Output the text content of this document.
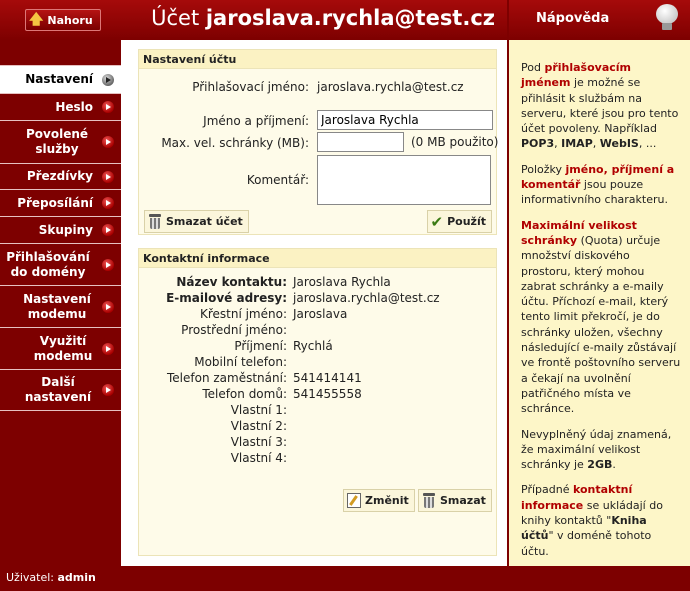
🡅 Nahoru	Účet jaroslava.rychla@test.cz
Nastavení
Heslo
Povolené služby
Přezdívky
Přeposílání
Skupiny
Přihlašování do domény
Nastavení modemu
Využití modemu
Další nastavení
Nastavení účtu
Přihlašovací jméno: jaroslava.rychla@test.cz
Jméno a příjmení:
Jaroslava Rychla
Max. vel. schránky (MB):	(0 MB použito)
Komentář:
Smazat účet	✔ Použít
Kontaktní informace
Název kontaktu: Jaroslava Rychla
E-mailové adresy: jaroslava.rychla@test.cz
Křestní jméno: Jaroslava
Prostřední jméno:
Příjmení: Rychlá
Mobilní telefon:
Telefon zaměstnání: 541414141
Telefon domů: 541455558
Vlastní 1:
Vlastní 2:
Vlastní 3:
Vlastní 4:
Změnit	Smazat
Uživatel: admin
Nápověda

Pod přihlašovacím jménem je možné se přihlásit k službám na serveru, které jsou pro tento účet povoleny. Například POP3, IMAP, WebIS, ...

Položky jméno, příjmení a komentář jsou pouze informativního charakteru.

Maximální velikost schránky (Quota) určuje množství diskového prostoru, který mohou zabrat schránky a e-maily účtu. Příchozí e-mail, který tento limit překročí, je do schránky uložen, všechny následující e-maily zůstávají ve frontě poštovního serveru a čekají na uvolnění patřičného místa ve schránce.

Nevyplněný údaj znamená, že maximální velikost schránky je 2GB.

Případné kontaktní informace se ukládají do knihy kontaktů "Kniha účtů" v doméně tohoto účtu.
